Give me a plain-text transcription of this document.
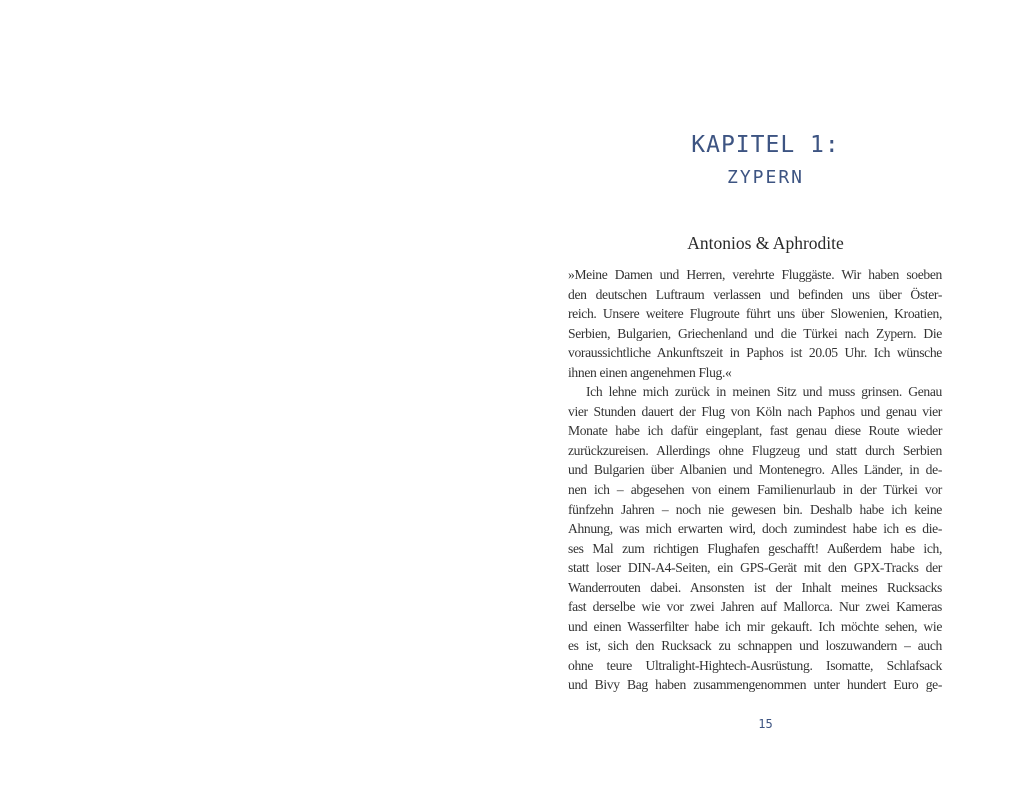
KAPITEL 1:
ZYPERN
Antonios & Aphrodite
»Meine Damen und Herren, verehrte Fluggäste. Wir haben soeben
den deutschen Luftraum verlassen und befinden uns über Öster-
reich. Unsere weitere Flugroute führt uns über Slowenien, Kroatien,
Serbien, Bulgarien, Griechenland und die Türkei nach Zypern. Die
voraussichtliche Ankunftszeit in Paphos ist 20.05 Uhr. Ich wünsche
ihnen einen angenehmen Flug.«
Ich lehne mich zurück in meinen Sitz und muss grinsen. Genau
vier Stunden dauert der Flug von Köln nach Paphos und genau vier
Monate habe ich dafür eingeplant, fast genau diese Route wieder
zurückzureisen. Allerdings ohne Flugzeug und statt durch Serbien
und Bulgarien über Albanien und Montenegro. Alles Länder, in de-
nen ich – abgesehen von einem Familienurlaub in der Türkei vor
fünfzehn Jahren – noch nie gewesen bin. Deshalb habe ich keine
Ahnung, was mich erwarten wird, doch zumindest habe ich es die-
ses Mal zum richtigen Flughafen geschafft! Außerdem habe ich,
statt loser DIN-A4-Seiten, ein GPS-Gerät mit den GPX-Tracks der
Wanderrouten dabei. Ansonsten ist der Inhalt meines Rucksacks
fast derselbe wie vor zwei Jahren auf Mallorca. Nur zwei Kameras
und einen Wasserfilter habe ich mir gekauft. Ich möchte sehen, wie
es ist, sich den Rucksack zu schnappen und loszuwandern – auch
ohne teure Ultralight-Hightech-Ausrüstung. Isomatte, Schlafsack
und Bivy Bag haben zusammengenommen unter hundert Euro ge-
15
